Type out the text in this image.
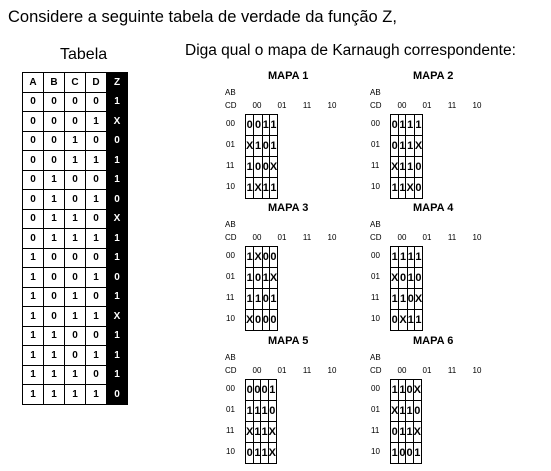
Considere a seguinte tabela de verdade da função Z,
Tabela	Diga qual o mapa de Karnaugh correspondente:
A	B	C	D	Z
0	0	0	0	1
0	0	0	1	X
0	0	1	0	0
0	0	1	1	1
0	1	0	0	1
0	1	0	1	0
0	1	1	0	X
0	1	1	1	1
1	0	0	0	1
1	0	0	1	0
1	0	1	0	1
1	0	1	1	X
1	1	0	0	1
1	1	0	1	1
1	1	1	0	1
1	1	1	1	0
MAPA 1
AB
CD	00	01	11	10
00
01
11
10
0	0	1	1
X	1	0	1
1	0	0	X
1	X	1	1
MAPA 2
AB
CD	00	01	11	10
00
01
11
10
0	1	1	1
0	1	1	X
X	1	1	0
1	1	X	0
MAPA 3
AB
CD	00	01	11	10
00
01
11
10
1	X	0	0
1	0	1	X
1	1	0	1
X	0	0	0
MAPA 4
AB
CD	00	01	11	10
00
01
11
10
1	1	1	1
X	0	1	0
1	1	0	X
0	X	1	1
MAPA 5
AB
CD	00	01	11	10
00
01
11
10
0	0	0	1
1	1	1	0
X	1	1	X
0	1	1	X
MAPA 6
AB
CD	00	01	11	10
00
01
11
10
1	1	0	X
X	1	1	0
0	1	1	X
1	0	0	1
